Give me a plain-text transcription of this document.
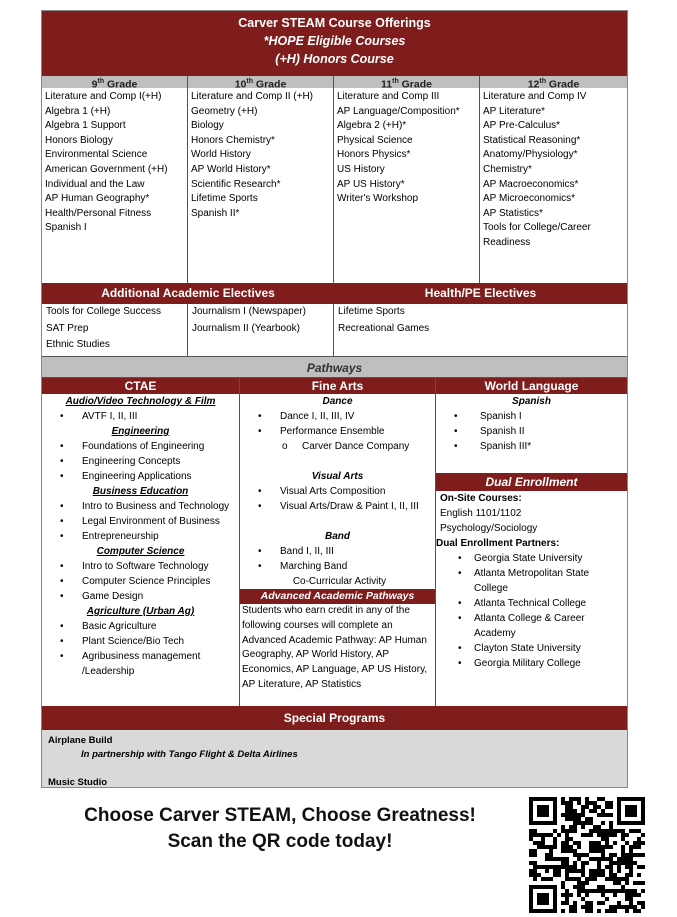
Carver STEAM Course Offerings
*HOPE Eligible Courses
(+H) Honors Course
9th Grade
Literature and Comp I(+H)
Algebra 1 (+H)
Algebra 1 Support
Honors Biology
Environmental Science
American Government (+H)
Individual and the Law
AP Human Geography*
Health/Personal Fitness
Spanish I
10th Grade
Literature and Comp II (+H)
Geometry (+H)
Biology
Honors Chemistry*
World History
AP World History*
Scientific Research*
Lifetime Sports
Spanish II*
11th Grade
Literature and Comp III
AP Language/Composition*
Algebra 2 (+H)*
Physical Science
Honors Physics*
US History
AP US History*
Writer's Workshop
12th Grade
Literature and Comp IV
AP Literature*
AP Pre-Calculus*
Statistical Reasoning*
Anatomy/Physiology*
Chemistry*
AP Macroeconomics*
AP Microeconomics*
AP Statistics*
Tools for College/Career Readiness
Additional Academic Electives	Health/PE Electives
Tools for College Success
SAT Prep
Ethnic Studies
Journalism I (Newspaper)
Journalism II (Yearbook)
Lifetime Sports
Recreational Games
Pathways
CTAE
Audio/Video Technology & Film
• AVTF I, II, III
Engineering
• Foundations of Engineering
• Engineering Concepts
• Engineering Applications
Business Education
• Intro to Business and Technology
• Legal Environment of Business
• Entrepreneurship
Computer Science
• Intro to Software Technology
• Computer Science Principles
• Game Design
Agriculture (Urban Ag)
• Basic Agriculture
• Plant Science/Bio Tech
• Agribusiness management /Leadership
Fine Arts
Dance
• Dance I, II, III, IV
• Performance Ensemble
o Carver Dance Company
Visual Arts
• Visual Arts Composition
• Visual Arts/Draw & Paint I, II, III
Band
• Band I, II, III
• Marching Band
Co-Curricular Activity
Advanced Academic Pathways
Students who earn credit in any of the following courses will complete an Advanced Academic Pathway: AP Human Geography, AP World History, AP Economics, AP Language, AP US History, AP Literature, AP Statistics
World Language
Spanish
• Spanish I
• Spanish II
• Spanish III*
Dual Enrollment
On-Site Courses:
English 1101/1102
Psychology/Sociology
Dual Enrollment Partners:
• Georgia State University
• Atlanta Metropolitan State College
• Atlanta Technical College
• Atlanta College & Career Academy
• Clayton State University
• Georgia Military College
Special Programs
Airplane Build
In partnership with Tango Flight & Delta Airlines
Music Studio
Choose Carver STEAM, Choose Greatness!
Scan the QR code today!
